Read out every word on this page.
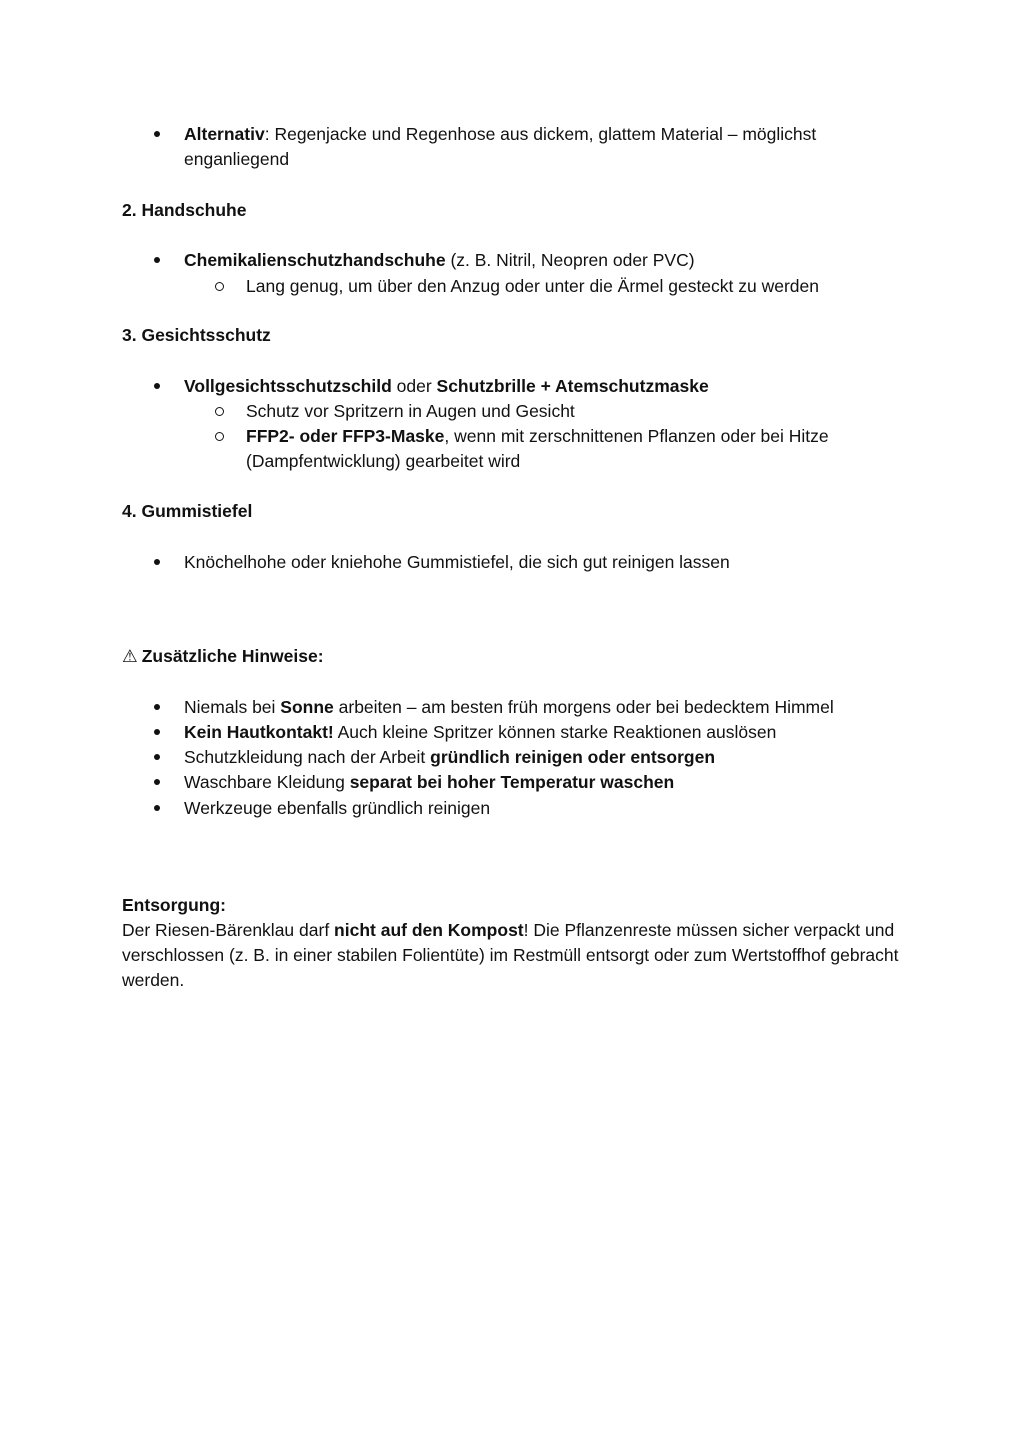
Alternativ: Regenjacke und Regenhose aus dickem, glattem Material – möglichst enganliegend
2. Handschuhe
Chemikalienschutzhandschuhe (z. B. Nitril, Neopren oder PVC)
Lang genug, um über den Anzug oder unter die Ärmel gesteckt zu werden
3. Gesichtsschutz
Vollgesichtsschutzschild oder Schutzbrille + Atemschutzmaske
Schutz vor Spritzern in Augen und Gesicht
FFP2- oder FFP3-Maske, wenn mit zerschnittenen Pflanzen oder bei Hitze (Dampfentwicklung) gearbeitet wird
4. Gummistiefel
Knöchelhohe oder kniehohe Gummistiefel, die sich gut reinigen lassen
⚠ Zusätzliche Hinweise:
Niemals bei Sonne arbeiten – am besten früh morgens oder bei bedecktem Himmel
Kein Hautkontakt! Auch kleine Spritzer können starke Reaktionen auslösen
Schutzkleidung nach der Arbeit gründlich reinigen oder entsorgen
Waschbare Kleidung separat bei hoher Temperatur waschen
Werkzeuge ebenfalls gründlich reinigen
Entsorgung:
Der Riesen-Bärenklau darf nicht auf den Kompost! Die Pflanzenreste müssen sicher verpackt und verschlossen (z. B. in einer stabilen Folientüte) im Restmüll entsorgt oder zum Wertstoffhof gebracht werden.
